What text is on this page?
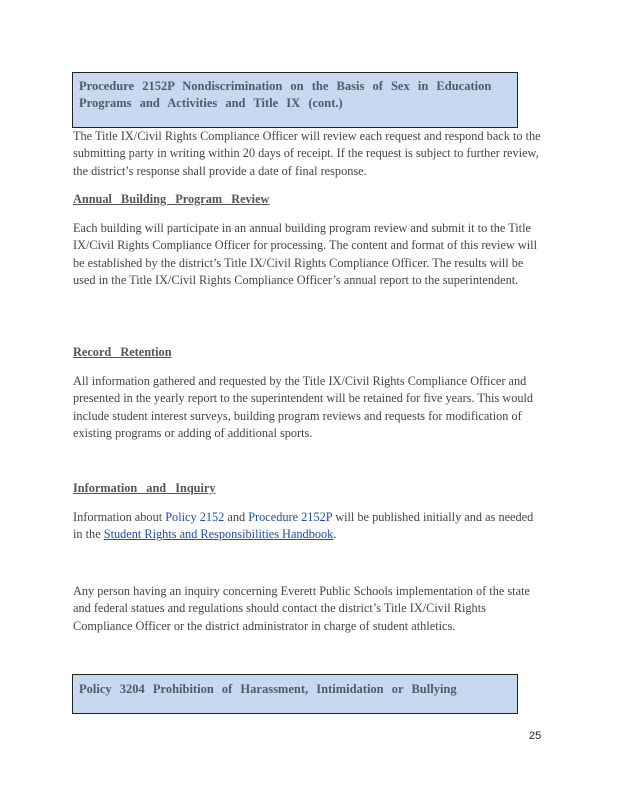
Procedure 2152P Nondiscrimination on the Basis of Sex in Education
Programs and Activities and Title IX (cont.)
The Title IX/Civil Rights Compliance Officer will review each request and respond back to the submitting party in writing within 20 days of receipt. If the request is subject to further review, the district’s response shall provide a date of final response.
Annual Building Program Review
Each building will participate in an annual building program review and submit it to the Title IX/Civil Rights Compliance Officer for processing. The content and format of this review will be established by the district’s Title IX/Civil Rights Compliance Officer. The results will be used in the Title IX/Civil Rights Compliance Officer’s annual report to the superintendent.
Record Retention
All information gathered and requested by the Title IX/Civil Rights Compliance Officer and presented in the yearly report to the superintendent will be retained for five years. This would include student interest surveys, building program reviews and requests for modification of existing programs or adding of additional sports.
Information and Inquiry
Information about Policy 2152 and Procedure 2152P will be published initially and as needed in the Student Rights and Responsibilities Handbook.
Any person having an inquiry concerning Everett Public Schools implementation of the state and federal statues and regulations should contact the district’s Title IX/Civil Rights Compliance Officer or the district administrator in charge of student athletics.
Policy 3204 Prohibition of Harassment, Intimidation or Bullying
25
